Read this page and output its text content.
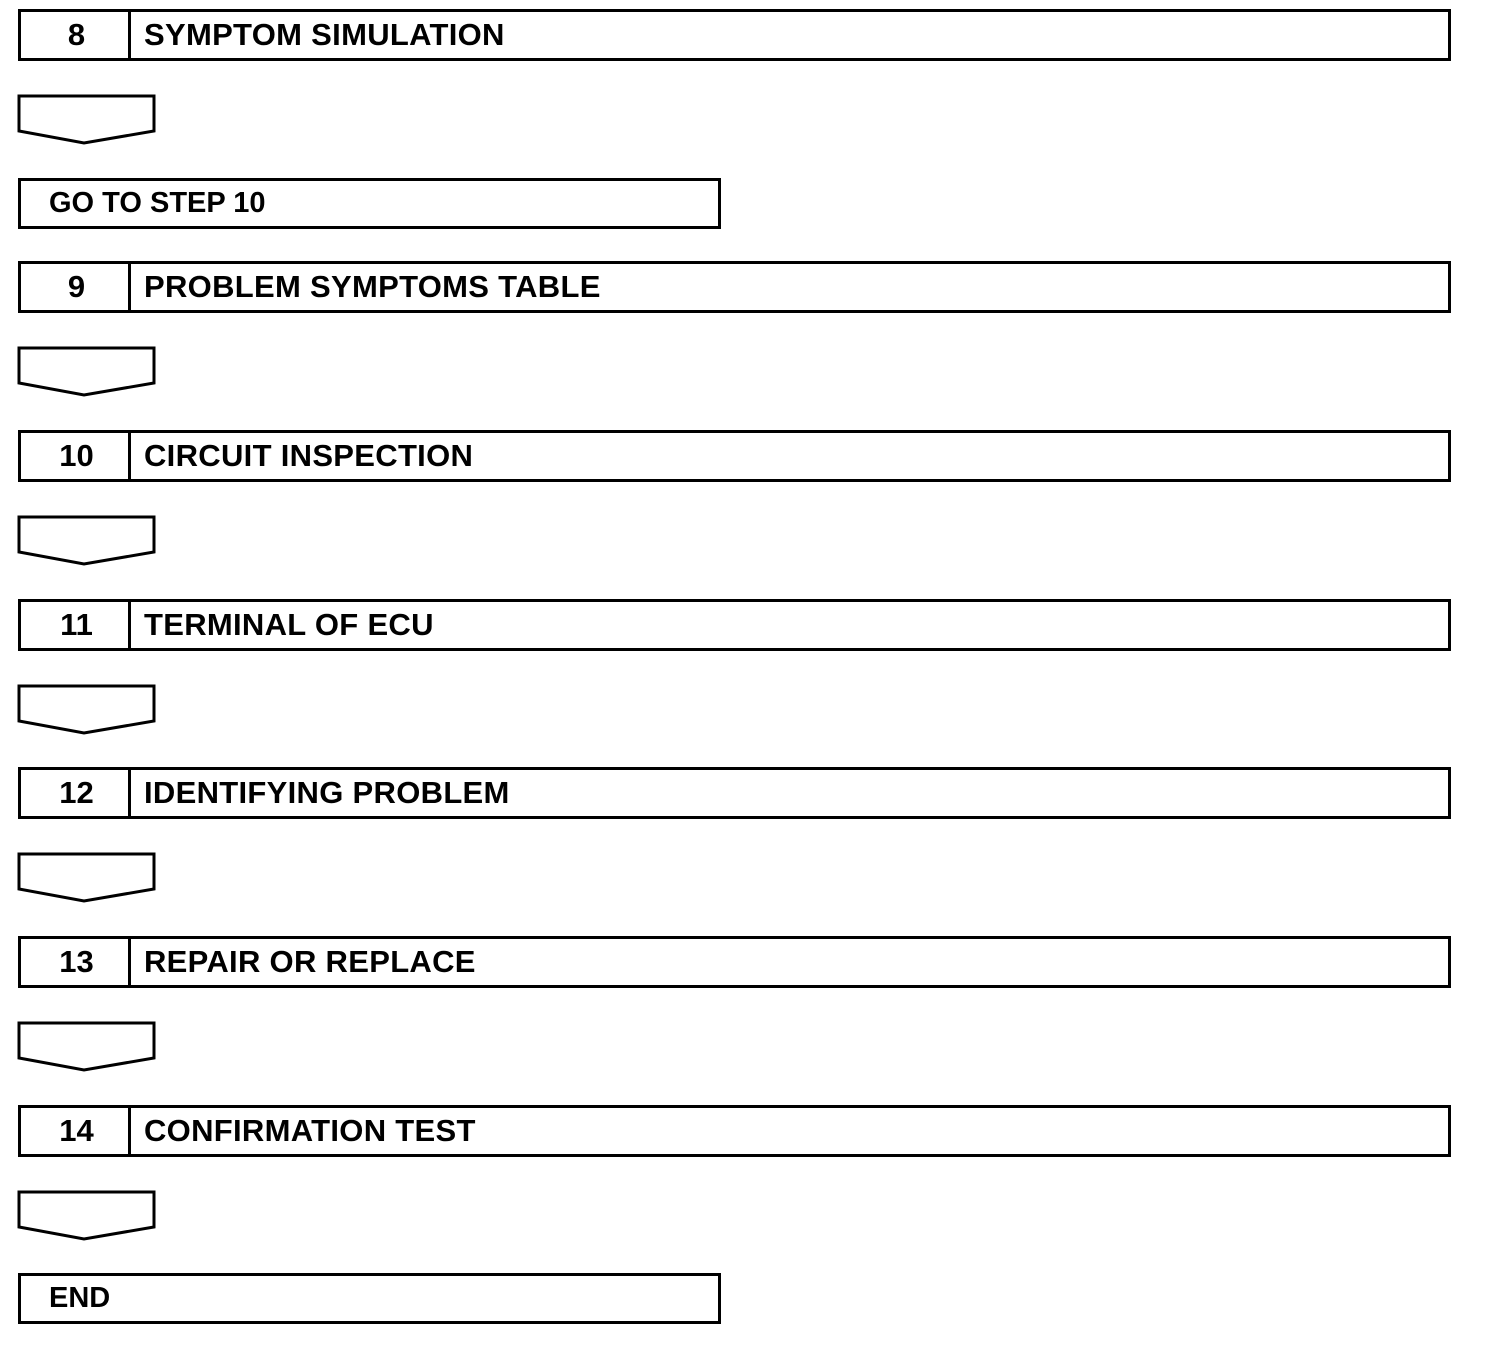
8	SYMPTOM SIMULATION
GO TO STEP 10
9	PROBLEM SYMPTOMS TABLE
10	CIRCUIT INSPECTION
11	TERMINAL OF ECU
12	IDENTIFYING PROBLEM
13	REPAIR OR REPLACE
14	CONFIRMATION TEST
END
